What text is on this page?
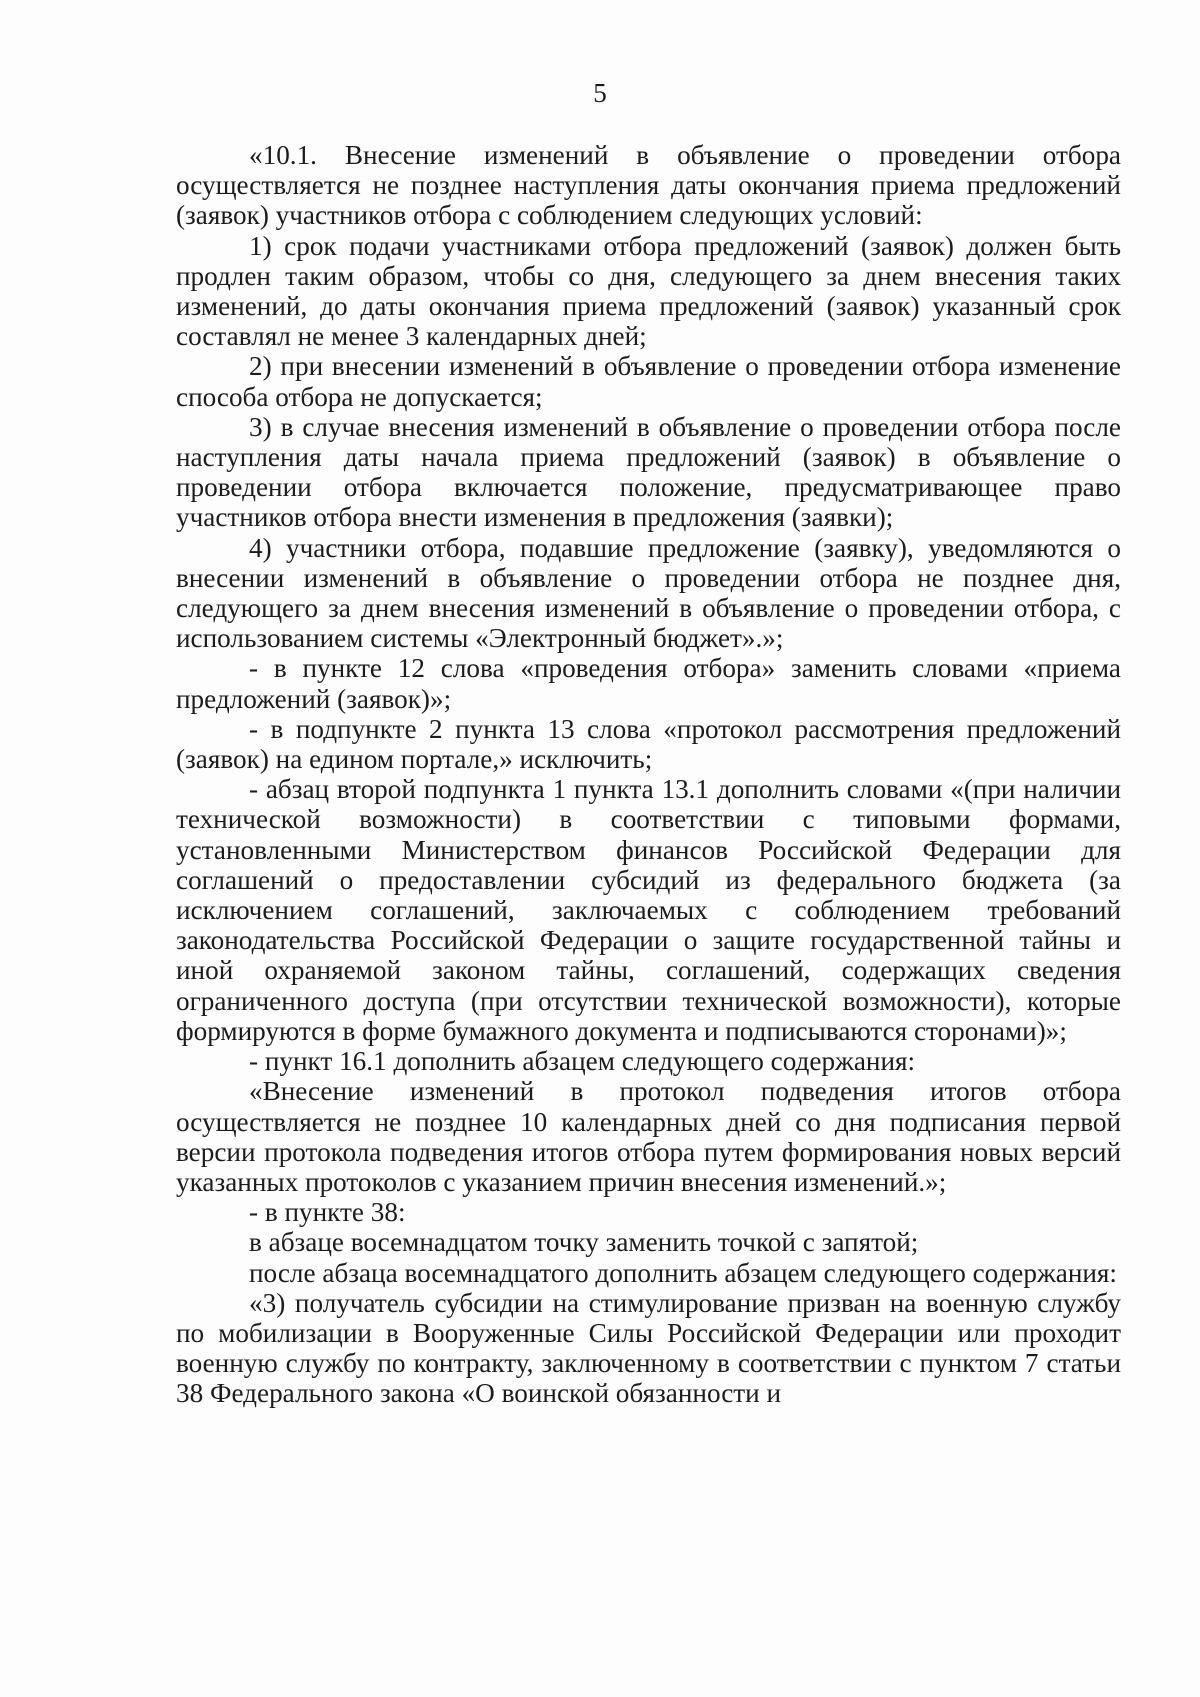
5

«10.1. Внесение изменений в объявление о проведении отбора осуществляется не позднее наступления даты окончания приема предложений (заявок) участников отбора с соблюдением следующих условий:

1) срок подачи участниками отбора предложений (заявок) должен быть продлен таким образом, чтобы со дня, следующего за днем внесения таких изменений, до даты окончания приема предложений (заявок) указанный срок составлял не менее 3 календарных дней;

2) при внесении изменений в объявление о проведении отбора изменение способа отбора не допускается;

3) в случае внесения изменений в объявление о проведении отбора после наступления даты начала приема предложений (заявок) в объявление о проведении отбора включается положение, предусматривающее право участников отбора внести изменения в предложения (заявки);

4) участники отбора, подавшие предложение (заявку), уведомляются о внесении изменений в объявление о проведении отбора не позднее дня, следующего за днем внесения изменений в объявление о проведении отбора, с использованием системы «Электронный бюджет».»;

- в пункте 12 слова «проведения отбора» заменить словами «приема предложений (заявок)»;

- в подпункте 2 пункта 13 слова «протокол рассмотрения предложений (заявок) на едином портале,» исключить;

- абзац второй подпункта 1 пункта 13.1 дополнить словами «(при наличии технической возможности) в соответствии с типовыми формами, установленными Министерством финансов Российской Федерации для соглашений о предоставлении субсидий из федерального бюджета (за исключением соглашений, заключаемых с соблюдением требований законодательства Российской Федерации о защите государственной тайны и иной охраняемой законом тайны, соглашений, содержащих сведения ограниченного доступа (при отсутствии технической возможности), которые формируются в форме бумажного документа и подписываются сторонами)»;

- пункт 16.1 дополнить абзацем следующего содержания:

«Внесение изменений в протокол подведения итогов отбора осуществляется не позднее 10 календарных дней со дня подписания первой версии протокола подведения итогов отбора путем формирования новых версий указанных протоколов с указанием причин внесения изменений.»;

- в пункте 38:

в абзаце восемнадцатом точку заменить точкой с запятой;

после абзаца восемнадцатого дополнить абзацем следующего содержания:

«3) получатель субсидии на стимулирование призван на военную службу по мобилизации в Вооруженные Силы Российской Федерации или проходит военную службу по контракту, заключенному в соответствии с пунктом 7 статьи 38 Федерального закона «О воинской обязанности и
